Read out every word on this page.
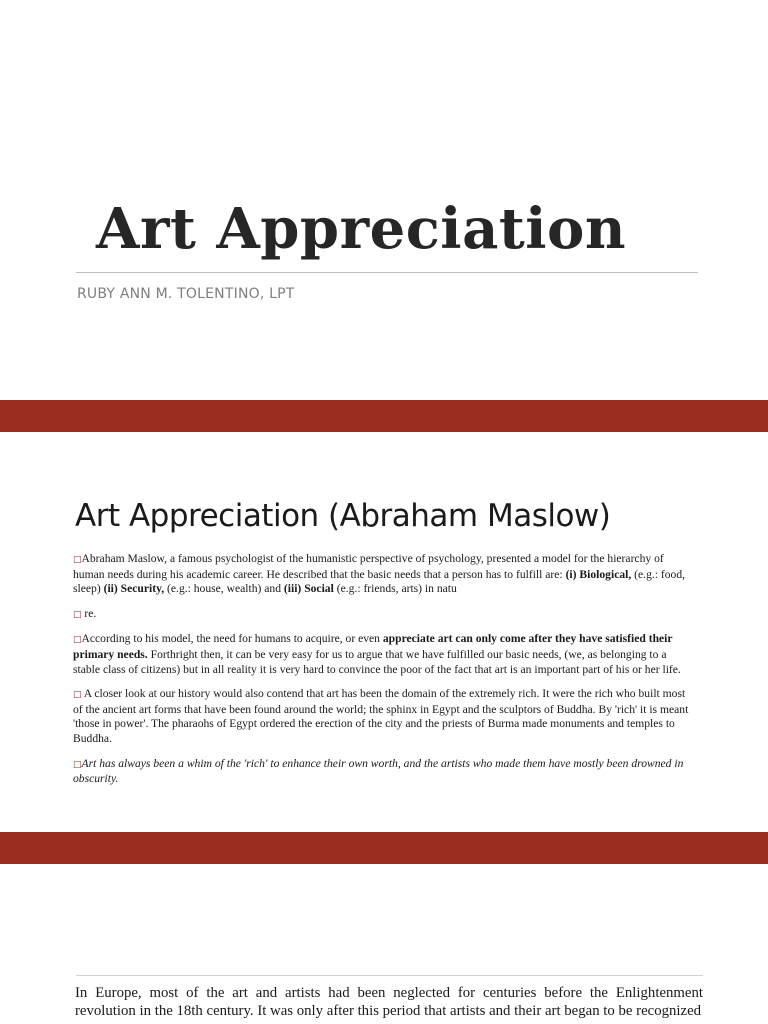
Art Appreciation
RUBY ANN M. TOLENTINO, LPT
Art Appreciation (Abraham Maslow)

□Abraham Maslow, a famous psychologist of the humanistic perspective of psychology, presented a model for the hierarchy of human needs during his academic career. He described that the basic needs that a person has to fulfill are: (i) Biological, (e.g.: food, sleep) (ii) Security, (e.g.: house, wealth) and (iii) Social (e.g.: friends, arts) in natu

□ re.

□According to his model, the need for humans to acquire, or even appreciate art can only come after they have satisfied their primary needs. Forthright then, it can be very easy for us to argue that we have fulfilled our basic needs, (we, as belonging to a stable class of citizens) but in all reality it is very hard to convince the poor of the fact that art is an important part of his or her life.

□ A closer look at our history would also contend that art has been the domain of the extremely rich. It were the rich who built most of the ancient art forms that have been found around the world; the sphinx in Egypt and the sculptors of Buddha. By 'rich' it is meant 'those in power'. The pharaohs of Egypt ordered the erection of the city and the priests of Burma made monuments and temples to Buddha.

□Art has always been a whim of the 'rich' to enhance their own worth, and the artists who made them have mostly been drowned in obscurity.

In Europe, most of the art and artists had been neglected for centuries before the Enlightenment revolution in the 18th century. It was only after this period that artists and their art began to be recognized
